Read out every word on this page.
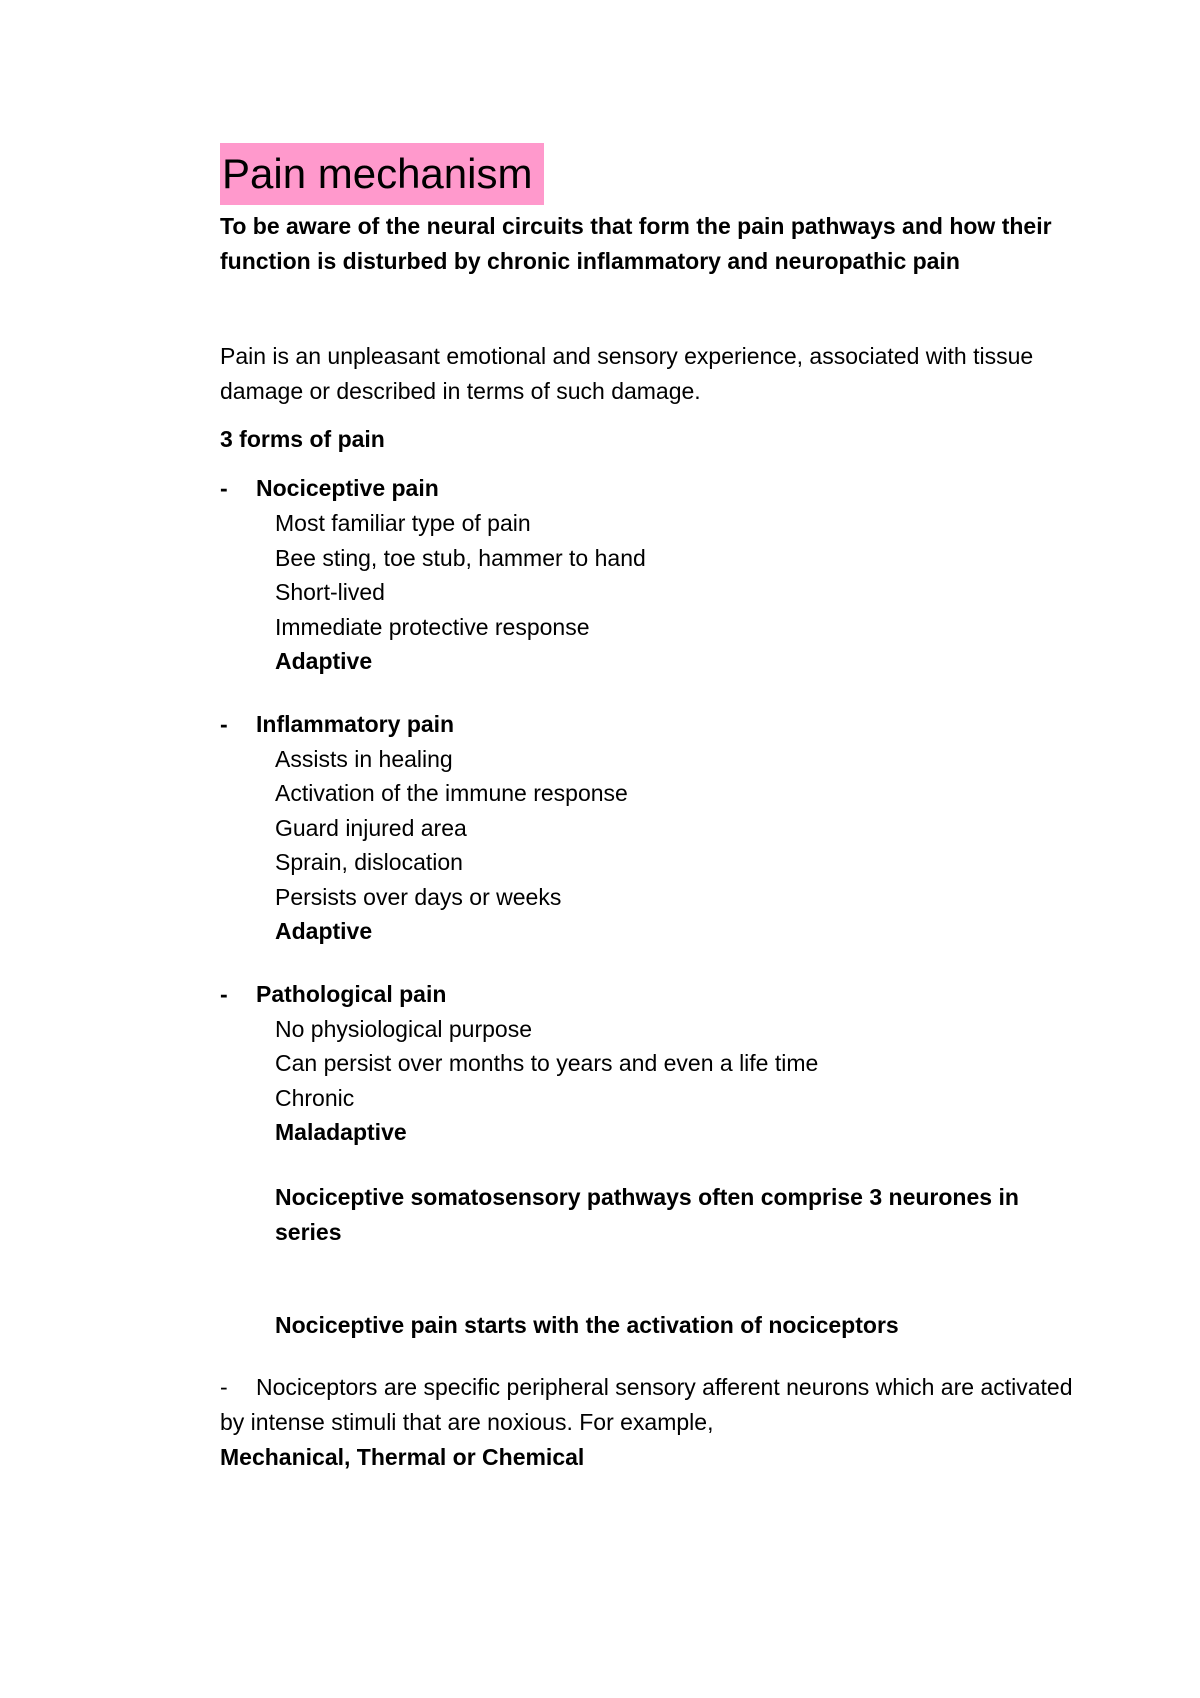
Pain mechanism
To be aware of the neural circuits that form the pain pathways and how their function is disturbed by chronic inflammatory and neuropathic pain
Pain is an unpleasant emotional and sensory experience, associated with tissue damage or described in terms of such damage.
3 forms of pain
-	Nociceptive pain
Most familiar type of pain
Bee sting, toe stub, hammer to hand
Short-lived
Immediate protective response
Adaptive
-	Inflammatory pain
Assists in healing
Activation of the immune response
Guard injured area
Sprain, dislocation
Persists over days or weeks
Adaptive
-	Pathological pain
No physiological purpose
Can persist over months to years and even a life time
Chronic
Maladaptive
Nociceptive somatosensory pathways often comprise 3 neurones in series
Nociceptive pain starts with the activation of nociceptors
- Nociceptors are specific peripheral sensory afferent neurons which are activated by intense stimuli that are noxious. For example,
Mechanical, Thermal or Chemical
